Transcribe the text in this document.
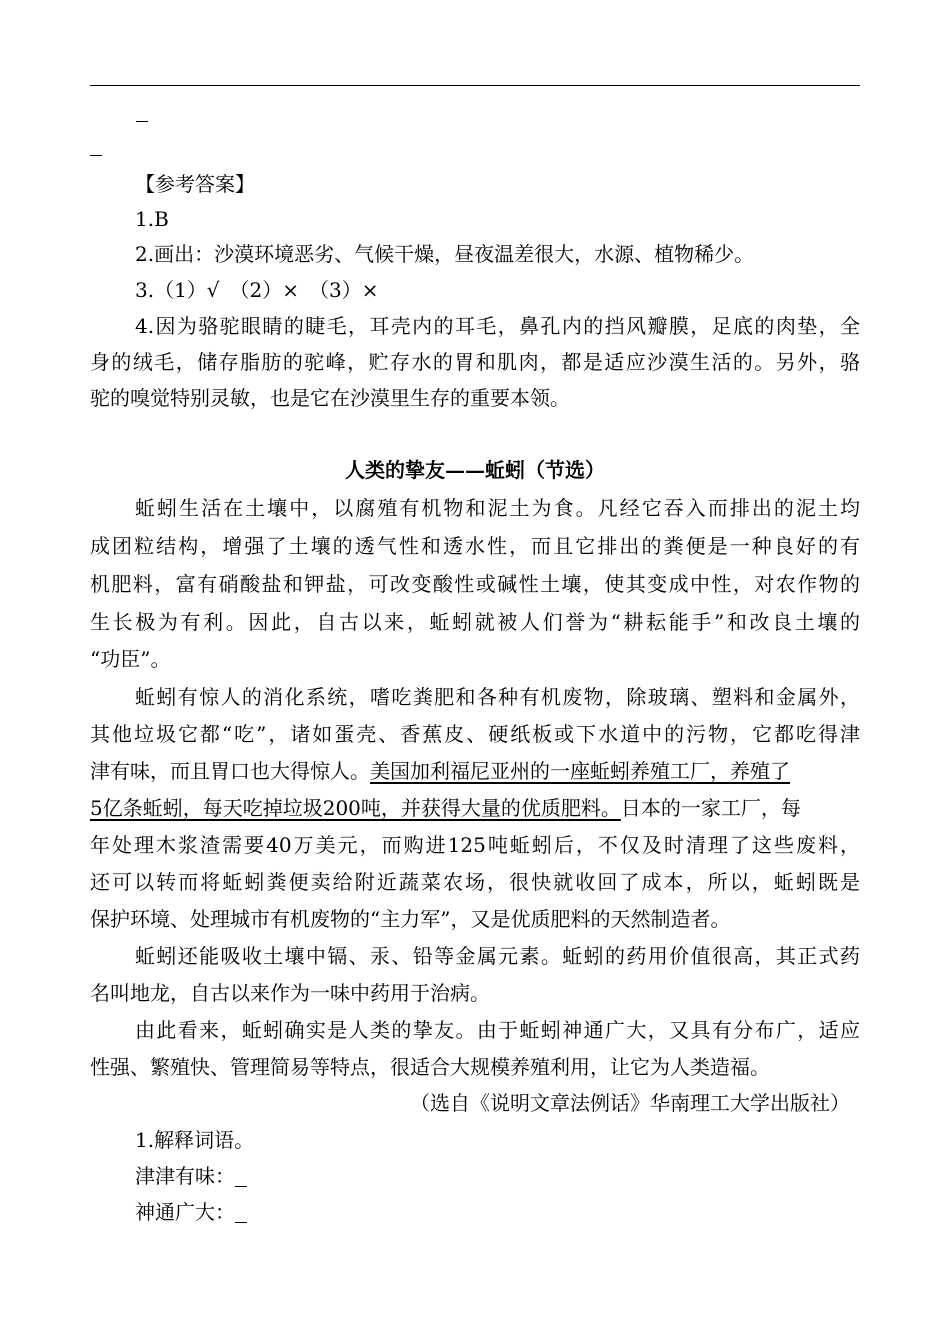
【参考答案】
1.B
2.画出：沙漠环境恶劣、气候干燥，昼夜温差很大，水源、植物稀少。
3.（1）√　（2）×　（3）×
4.因为骆驼眼睛的睫毛，耳壳内的耳毛，鼻孔内的挡风瓣膜，足底的肉垫，全
身的绒毛，储存脂肪的驼峰，贮存水的胃和肌肉，都是适应沙漠生活的。另外，骆
驼的嗅觉特别灵敏，也是它在沙漠里生存的重要本领。
人类的挚友——蚯蚓（节选）
蚯蚓生活在土壤中，以腐殖有机物和泥土为食。凡经它吞入而排出的泥土均
成团粒结构，增强了土壤的透气性和透水性，而且它排出的粪便是一种良好的有
机肥料，富有硝酸盐和钾盐，可改变酸性或碱性土壤，使其变成中性，对农作物的
生长极为有利。因此，自古以来，蚯蚓就被人们誉为“耕耘能手”和改良土壤的
“功臣”。
蚯蚓有惊人的消化系统，嗜吃粪肥和各种有机废物，除玻璃、塑料和金属外，
其他垃圾它都“吃”，诸如蛋壳、香蕉皮、硬纸板或下水道中的污物，它都吃得津
津有味，而且胃口也大得惊人。美国加利福尼亚州的一座蚯蚓养殖工厂，养殖了
5亿条蚯蚓，每天吃掉垃圾200吨，并获得大量的优质肥料。日本的一家工厂，每
年处理木浆渣需要40万美元，而购进125吨蚯蚓后，不仅及时清理了这些废料，
还可以转而将蚯蚓粪便卖给附近蔬菜农场，很快就收回了成本，所以，蚯蚓既是
保护环境、处理城市有机废物的“主力军”，又是优质肥料的天然制造者。
蚯蚓还能吸收土壤中镉、汞、铅等金属元素。蚯蚓的药用价值很高，其正式药
名叫地龙，自古以来作为一味中药用于治病。
由此看来，蚯蚓确实是人类的挚友。由于蚯蚓神通广大，又具有分布广，适应
性强、繁殖快、管理简易等特点，很适合大规模养殖利用，让它为人类造福。
（选自《说明文章法例话》华南理工大学出版社）
1.解释词语。
津津有味：
神通广大：
